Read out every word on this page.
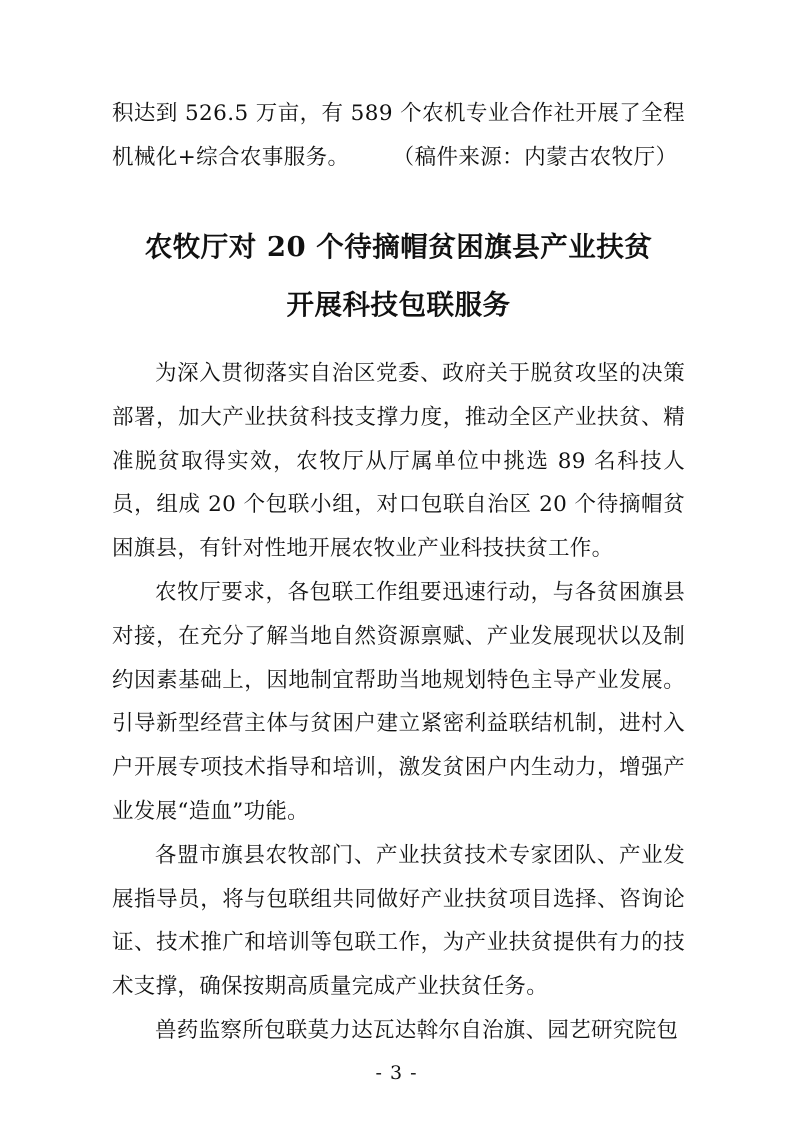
积达到 526.5 万亩，有 589 个农机专业合作社开展了全程机械化+综合农事服务。	（稿件来源：内蒙古农牧厅）

农牧厅对 20 个待摘帽贫困旗县产业扶贫
开展科技包联服务

为深入贯彻落实自治区党委、政府关于脱贫攻坚的决策部署，加大产业扶贫科技支撑力度，推动全区产业扶贫、精准脱贫取得实效，农牧厅从厅属单位中挑选 89 名科技人员，组成 20 个包联小组，对口包联自治区 20 个待摘帽贫困旗县，有针对性地开展农牧业产业科技扶贫工作。

农牧厅要求，各包联工作组要迅速行动，与各贫困旗县对接，在充分了解当地自然资源禀赋、产业发展现状以及制约因素基础上，因地制宜帮助当地规划特色主导产业发展。引导新型经营主体与贫困户建立紧密利益联结机制，进村入户开展专项技术指导和培训，激发贫困户内生动力，增强产业发展“造血”功能。

各盟市旗县农牧部门、产业扶贫技术专家团队、产业发展指导员，将与包联组共同做好产业扶贫项目选择、咨询论证、技术推广和培训等包联工作，为产业扶贫提供有力的技术支撑，确保按期高质量完成产业扶贫任务。

兽药监察所包联莫力达瓦达斡尔自治旗、园艺研究院包

- 3 -
